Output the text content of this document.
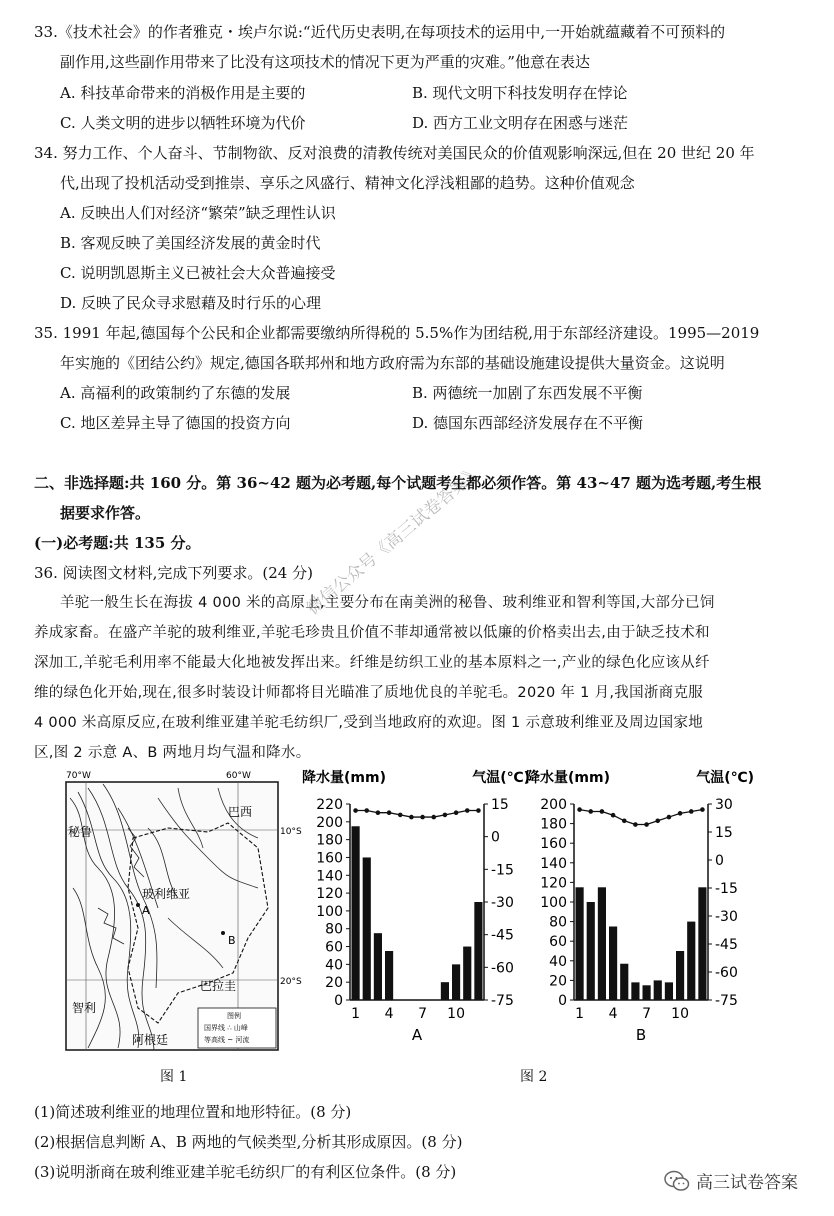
33.《技术社会》的作者雅克・埃卢尔说:“近代历史表明,在每项技术的运用中,一开始就蕴藏着不可预料的
副作用,这些副作用带来了比没有这项技术的情况下更为严重的灾难。”他意在表达
A. 科技革命带来的消极作用是主要的	B. 现代文明下科技发明存在悖论
C. 人类文明的进步以牺牲环境为代价	D. 西方工业文明存在困惑与迷茫
34. 努力工作、个人奋斗、节制物欲、反对浪费的清教传统对美国民众的价值观影响深远,但在 20 世纪 20 年
代,出现了投机活动受到推崇、享乐之风盛行、精神文化浮浅粗鄙的趋势。这种价值观念
A. 反映出人们对经济“繁荣”缺乏理性认识
B. 客观反映了美国经济发展的黄金时代
C. 说明凯恩斯主义已被社会大众普遍接受
D. 反映了民众寻求慰藉及时行乐的心理
35. 1991 年起,德国每个公民和企业都需要缴纳所得税的 5.5%作为团结税,用于东部经济建设。1995—2019
年实施的《团结公约》规定,德国各联邦州和地方政府需为东部的基础设施建设提供大量资金。这说明
A. 高福利的政策制约了东德的发展	B. 两德统一加剧了东西发展不平衡
C. 地区差异主导了德国的投资方向	D. 德国东西部经济发展存在不平衡
二、非选择题:共 160 分。第 36~42 题为必考题,每个试题考生都必须作答。第 43~47 题为选考题,考生根
据要求作答。
(一)必考题:共 135 分。
36. 阅读图文材料,完成下列要求。(24 分)
羊驼一般生长在海拔 4 000 米的高原上,主要分布在南美洲的秘鲁、玻利维亚和智利等国,大部分已饲
养成家畜。在盛产羊驼的玻利维亚,羊驼毛珍贵且价值不菲却通常被以低廉的价格卖出去,由于缺乏技术和
深加工,羊驼毛利用率不能最大化地被发挥出来。纤维是纺织工业的基本原料之一,产业的绿色化应该从纤
维的绿色化开始,现在,很多时装设计师都将目光瞄准了质地优良的羊驼毛。2020 年 1 月,我国浙商克服
4 000 米高原反应,在玻利维亚建羊驼毛纺织厂,受到当地政府的欢迎。图 1 示意玻利维亚及周边国家地
区,图 2 示意 A、B 两地月均气温和降水。
微信公众号《高三试卷答案》
图例
国界线 ∴ 山峰
等高线 ~ 河流
70°W	60°W
10°S
20°S
秘鲁
巴西
玻利维亚
巴拉圭
智利
阿根廷
A
B
图 1
降水量(mm)	气温(℃)
0
20
40
60
80
100
120
140
160
180
200
220
-75
-60
-45
-30
-15
0
15
1 4 7 10
A
降水量(mm)	气温(℃)
0
20
40
60
80
100
120
140
160
180
200
-75
-60
-45
-30
-15
0
15
30
1 4 7 10
B
图 2
(1)简述玻利维亚的地理位置和地形特征。(8 分)
(2)根据信息判断 A、B 两地的气候类型,分析其形成原因。(8 分)
(3)说明浙商在玻利维亚建羊驼毛纺织厂的有利区位条件。(8 分)
高三试卷答案
